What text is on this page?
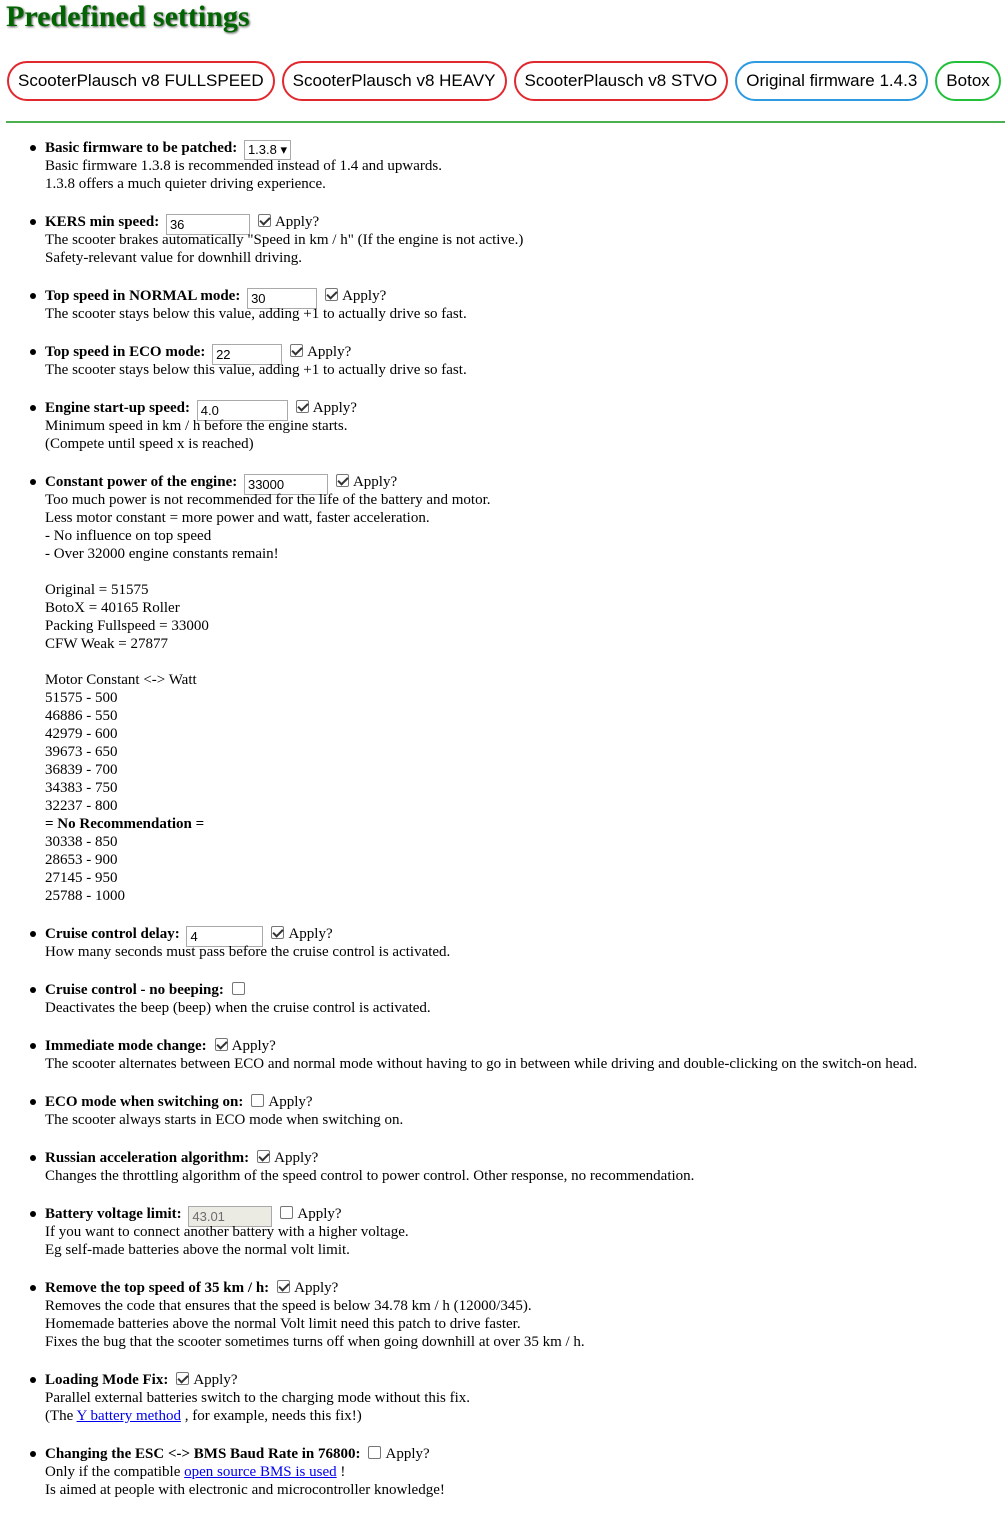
Predefined settings
ScooterPlausch v8 FULLSPEED ScooterPlausch v8 HEAVY ScooterPlausch v8 STVO Original firmware 1.4.3 Botox
Basic firmware to be patched: 1.3.8 ▾
Basic firmware 1.3.8 is recommended instead of 1.4 and upwards.
1.3.8 offers a much quieter driving experience.
KERS min speed: 36	Apply?
The scooter brakes automatically "Speed in km / h" (If the engine is not active.)
Safety-relevant value for downhill driving.
Top speed in NORMAL mode: 30	Apply?
The scooter stays below this value, adding +1 to actually drive so fast.
Top speed in ECO mode: 22	Apply?
The scooter stays below this value, adding +1 to actually drive so fast.
Engine start-up speed: 4.0	Apply?
Minimum speed in km / h before the engine starts.
(Compete until speed x is reached)
Constant power of the engine: 33000	Apply?
Too much power is not recommended for the life of the battery and motor.
Less motor constant = more power and watt, faster acceleration.
- No influence on top speed
- Over 32000 engine constants remain!
Original = 51575
BotoX = 40165 Roller
Packing Fullspeed = 33000
CFW Weak = 27877
Motor Constant <-> Watt
51575 - 500
46886 - 550
42979 - 600
39673 - 650
36839 - 700
34383 - 750
32237 - 800
= No Recommendation =
30338 - 850
28653 - 900
27145 - 950
25788 - 1000
Cruise control delay: 4	Apply?
How many seconds must pass before the cruise control is activated.
Cruise control - no beeping:
Deactivates the beep (beep) when the cruise control is activated.
Immediate mode change: Apply?
The scooter alternates between ECO and normal mode without having to go in between while driving and double-clicking on the switch-on head.
ECO mode when switching on: Apply?
The scooter always starts in ECO mode when switching on.
Russian acceleration algorithm: Apply?
Changes the throttling algorithm of the speed control to power control. Other response, no recommendation.
Battery voltage limit: 43.01	Apply?
If you want to connect another battery with a higher voltage.
Eg self-made batteries above the normal volt limit.
Remove the top speed of 35 km / h: Apply?
Removes the code that ensures that the speed is below 34.78 km / h (12000/345).
Homemade batteries above the normal Volt limit need this patch to drive faster.
Fixes the bug that the scooter sometimes turns off when going downhill at over 35 km / h.
Loading Mode Fix: Apply?
Parallel external batteries switch to the charging mode without this fix.
(The Y battery method , for example, needs this fix!)
Changing the ESC <-> BMS Baud Rate in 76800: Apply?
Only if the compatible open source BMS is used !
Is aimed at people with electronic and microcontroller knowledge!
